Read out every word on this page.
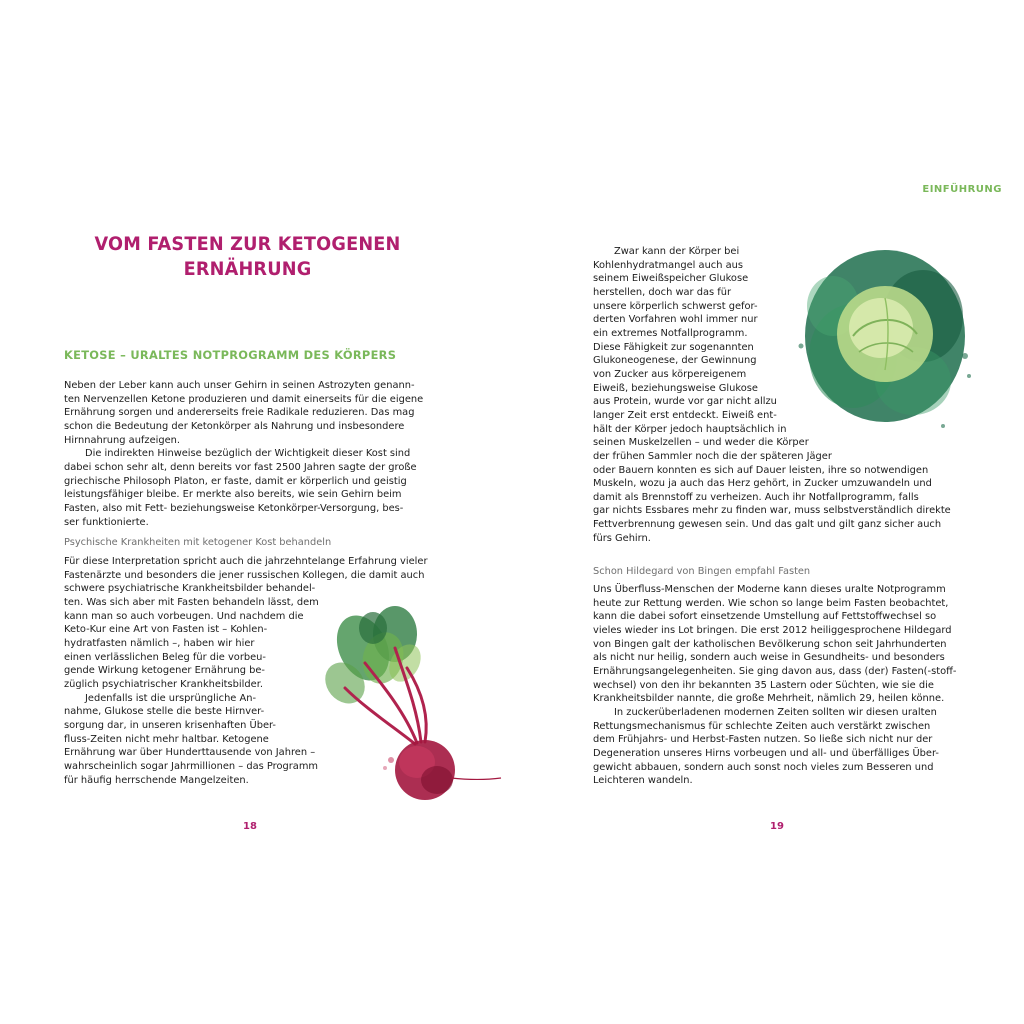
EINFÜHRUNG
VOM FASTEN ZUR KETOGENEN
ERNÄHRUNG
KETOSE – URALTES NOTPROGRAMM DES KÖRPERS
Neben der Leber kann auch unser Gehirn in seinen Astrozyten genann-
ten Nervenzellen Ketone produzieren und damit einerseits für die eigene
Ernährung sorgen und andererseits freie Radikale reduzieren. Das mag
schon die Bedeutung der Ketonkörper als Nahrung und insbesondere
Hirnnahrung aufzeigen.
Die indirekten Hinweise bezüglich der Wichtigkeit dieser Kost sind
dabei schon sehr alt, denn bereits vor fast 2500 Jahren sagte der große
griechische Philosoph Platon, er faste, damit er körperlich und geistig
leistungsfähiger bleibe. Er merkte also bereits, wie sein Gehirn beim
Fasten, also mit Fett- beziehungsweise Ketonkörper-Versorgung, bes-
ser funktionierte.
Psychische Krankheiten mit ketogener Kost behandeln
Für diese Interpretation spricht auch die jahrzehntelange Erfahrung vieler
Fastenärzte und besonders die jener russischen Kollegen, die damit auch
schwere psychiatrische Krankheitsbilder behandel-
ten. Was sich aber mit Fasten behandeln lässt, dem
kann man so auch vorbeugen. Und nachdem die
Keto-Kur eine Art von Fasten ist – Kohlen-
hydratfasten nämlich –, haben wir hier
einen verlässlichen Beleg für die vorbeu-
gende Wirkung ketogener Ernährung be-
züglich psychiatrischer Krankheitsbilder.
Jedenfalls ist die ursprüngliche An-
nahme, Glukose stelle die beste Hirnver-
sorgung dar, in unseren krisenhaften Über-
fluss-Zeiten nicht mehr haltbar. Ketogene
Ernährung war über Hunderttausende von Jahren –
wahrscheinlich sogar Jahrmillionen – das Programm
für häufig herrschende Mangelzeiten.
18
Zwar kann der Körper bei
Kohlenhydratmangel auch aus
seinem Eiweißspeicher Glukose
herstellen, doch war das für
unsere körperlich schwerst gefor-
derten Vorfahren wohl immer nur
ein extremes Notfallprogramm.
Diese Fähigkeit zur sogenannten
Glukoneogenese, der Gewinnung
von Zucker aus körpereigenem
Eiweiß, beziehungsweise Glukose
aus Protein, wurde vor gar nicht allzu
langer Zeit erst entdeckt. Eiweiß ent-
hält der Körper jedoch hauptsächlich in
seinen Muskelzellen – und weder die Körper
der frühen Sammler noch die der späteren Jäger
oder Bauern konnten es sich auf Dauer leisten, ihre so notwendigen
Muskeln, wozu ja auch das Herz gehört, in Zucker umzuwandeln und
damit als Brennstoff zu verheizen. Auch ihr Notfallprogramm, falls
gar nichts Essbares mehr zu finden war, muss selbstverständlich direkte
Fettverbrennung gewesen sein. Und das galt und gilt ganz sicher auch
fürs Gehirn.
Schon Hildegard von Bingen empfahl Fasten
Uns Überfluss-Menschen der Moderne kann dieses uralte Notprogramm
heute zur Rettung werden. Wie schon so lange beim Fasten beobachtet,
kann die dabei sofort einsetzende Umstellung auf Fettstoffwechsel so
vieles wieder ins Lot bringen. Die erst 2012 heiliggesprochene Hildegard
von Bingen galt der katholischen Bevölkerung schon seit Jahrhunderten
als nicht nur heilig, sondern auch weise in Gesundheits- und besonders
Ernährungsangelegenheiten. Sie ging davon aus, dass (der) Fasten(-stoff-
wechsel) von den ihr bekannten 35 Lastern oder Süchten, wie sie die
Krankheitsbilder nannte, die große Mehrheit, nämlich 29, heilen könne.
In zuckerüberladenen modernen Zeiten sollten wir diesen uralten
Rettungsmechanismus für schlechte Zeiten auch verstärkt zwischen
dem Frühjahrs- und Herbst-Fasten nutzen. So ließe sich nicht nur der
Degeneration unseres Hirns vorbeugen und all- und überfälliges Über-
gewicht abbauen, sondern auch sonst noch vieles zum Besseren und
Leichteren wandeln.
19
